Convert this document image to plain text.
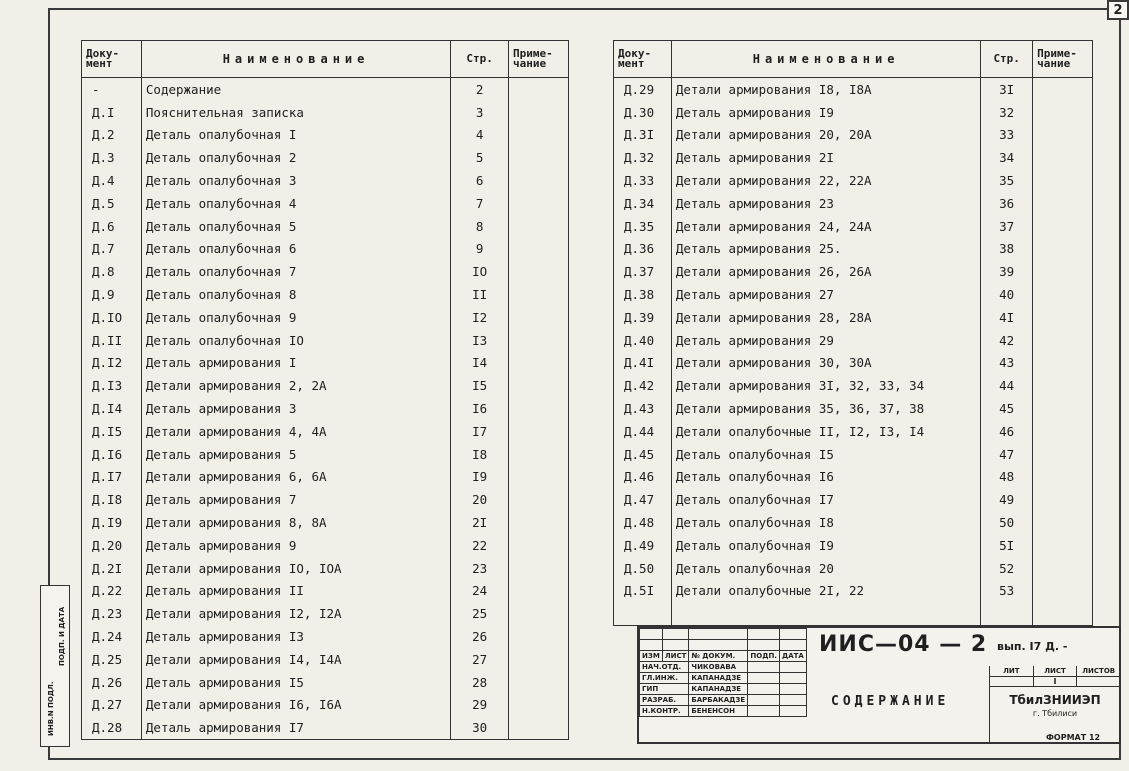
2
ИНВ.N ПОДЛ.
ПОДП. И ДАТА
Доку-
мент	Наименование	Стр.	Приме-
чание
-	Содержание	2	
Д.I	Пояснительная записка	3	
Д.2	Деталь опалубочная I	4	
Д.3	Деталь опалубочная 2	5	
Д.4	Деталь опалубочная 3	6	
Д.5	Деталь опалубочная 4	7	
Д.6	Деталь опалубочная 5	8	
Д.7	Деталь опалубочная 6	9	
Д.8	Деталь опалубочная 7	IO	
Д.9	Деталь опалубочная 8	II	
Д.IO	Деталь опалубочная 9	I2	
Д.II	Деталь опалубочная IO	I3	
Д.I2	Деталь армирования I	I4	
Д.I3	Детали армирования 2, 2А	I5	
Д.I4	Деталь армирования 3	I6	
Д.I5	Детали армирования 4, 4А	I7	
Д.I6	Деталь армирования 5	I8	
Д.I7	Детали армирования 6, 6А	I9	
Д.I8	Деталь армирования 7	20	
Д.I9	Детали армирования 8, 8А	2I	
Д.20	Деталь армирования 9	22	
Д.2I	Детали армирования IO, IOА	23	
Д.22	Деталь армирования II	24	
Д.23	Детали армирования I2, I2А	25	
Д.24	Деталь армирования I3	26	
Д.25	Детали армирования I4, I4А	27	
Д.26	Деталь армирования I5	28	
Д.27	Детали армирования I6, I6А	29	
Д.28	Деталь армирования I7	30	
Доку-
мент	Наименование	Стр.	Приме-
чание
Д.29	Детали армирования I8, I8А	3I	
Д.30	Деталь армирования I9	32	
Д.3I	Детали армирования 20, 20А	33	
Д.32	Деталь армирования 2I	34	
Д.33	Детали армирования 22, 22А	35	
Д.34	Деталь армирования 23	36	
Д.35	Детали армирования 24, 24А	37	
Д.36	Деталь армирования 25.	38	
Д.37	Детали армирования 26, 26А	39	
Д.38	Деталь армирования 27	40	
Д.39	Детали армирования 28, 28А	4I	
Д.40	Деталь армирования 29	42	
Д.4I	Детали армирования 30, 30А	43	
Д.42	Детали армирования 3I, 32, 33, 34	44	
Д.43	Детали армирования 35, 36, 37, 38	45	
Д.44	Детали опалубочные II, I2, I3, I4	46	
Д.45	Деталь опалубочная I5	47	
Д.46	Деталь опалубочная I6	48	
Д.47	Деталь опалубочная I7	49	
Д.48	Деталь опалубочная I8	50	
Д.49	Деталь опалубочная I9	5I	
Д.50	Деталь опалубочная 20	52	
Д.5I	Детали опалубочные 2I, 22	53	

ИЗМ	ЛИСТ	№ ДОКУМ.	ПОДП.	ДАТА
НАЧ.ОТД.		ЧИКОВАВА		
ГЛ.ИНЖ.		КАПАНАДЗЕ		
ГИП		КАПАНАДЗЕ		
РАЗРАБ.		БАРБАКАДЗЕ		
Н.КОНТР.		БЕНЕНСОН		
ИИС—04 — 2 вып. I7 Д. -
СОДЕРЖАНИЕ
ЛИТ	ЛИСТ	ЛИСТОВ
I
ТбилЗНИИЭП
г. Тбилиси
ФОРМАТ 12
